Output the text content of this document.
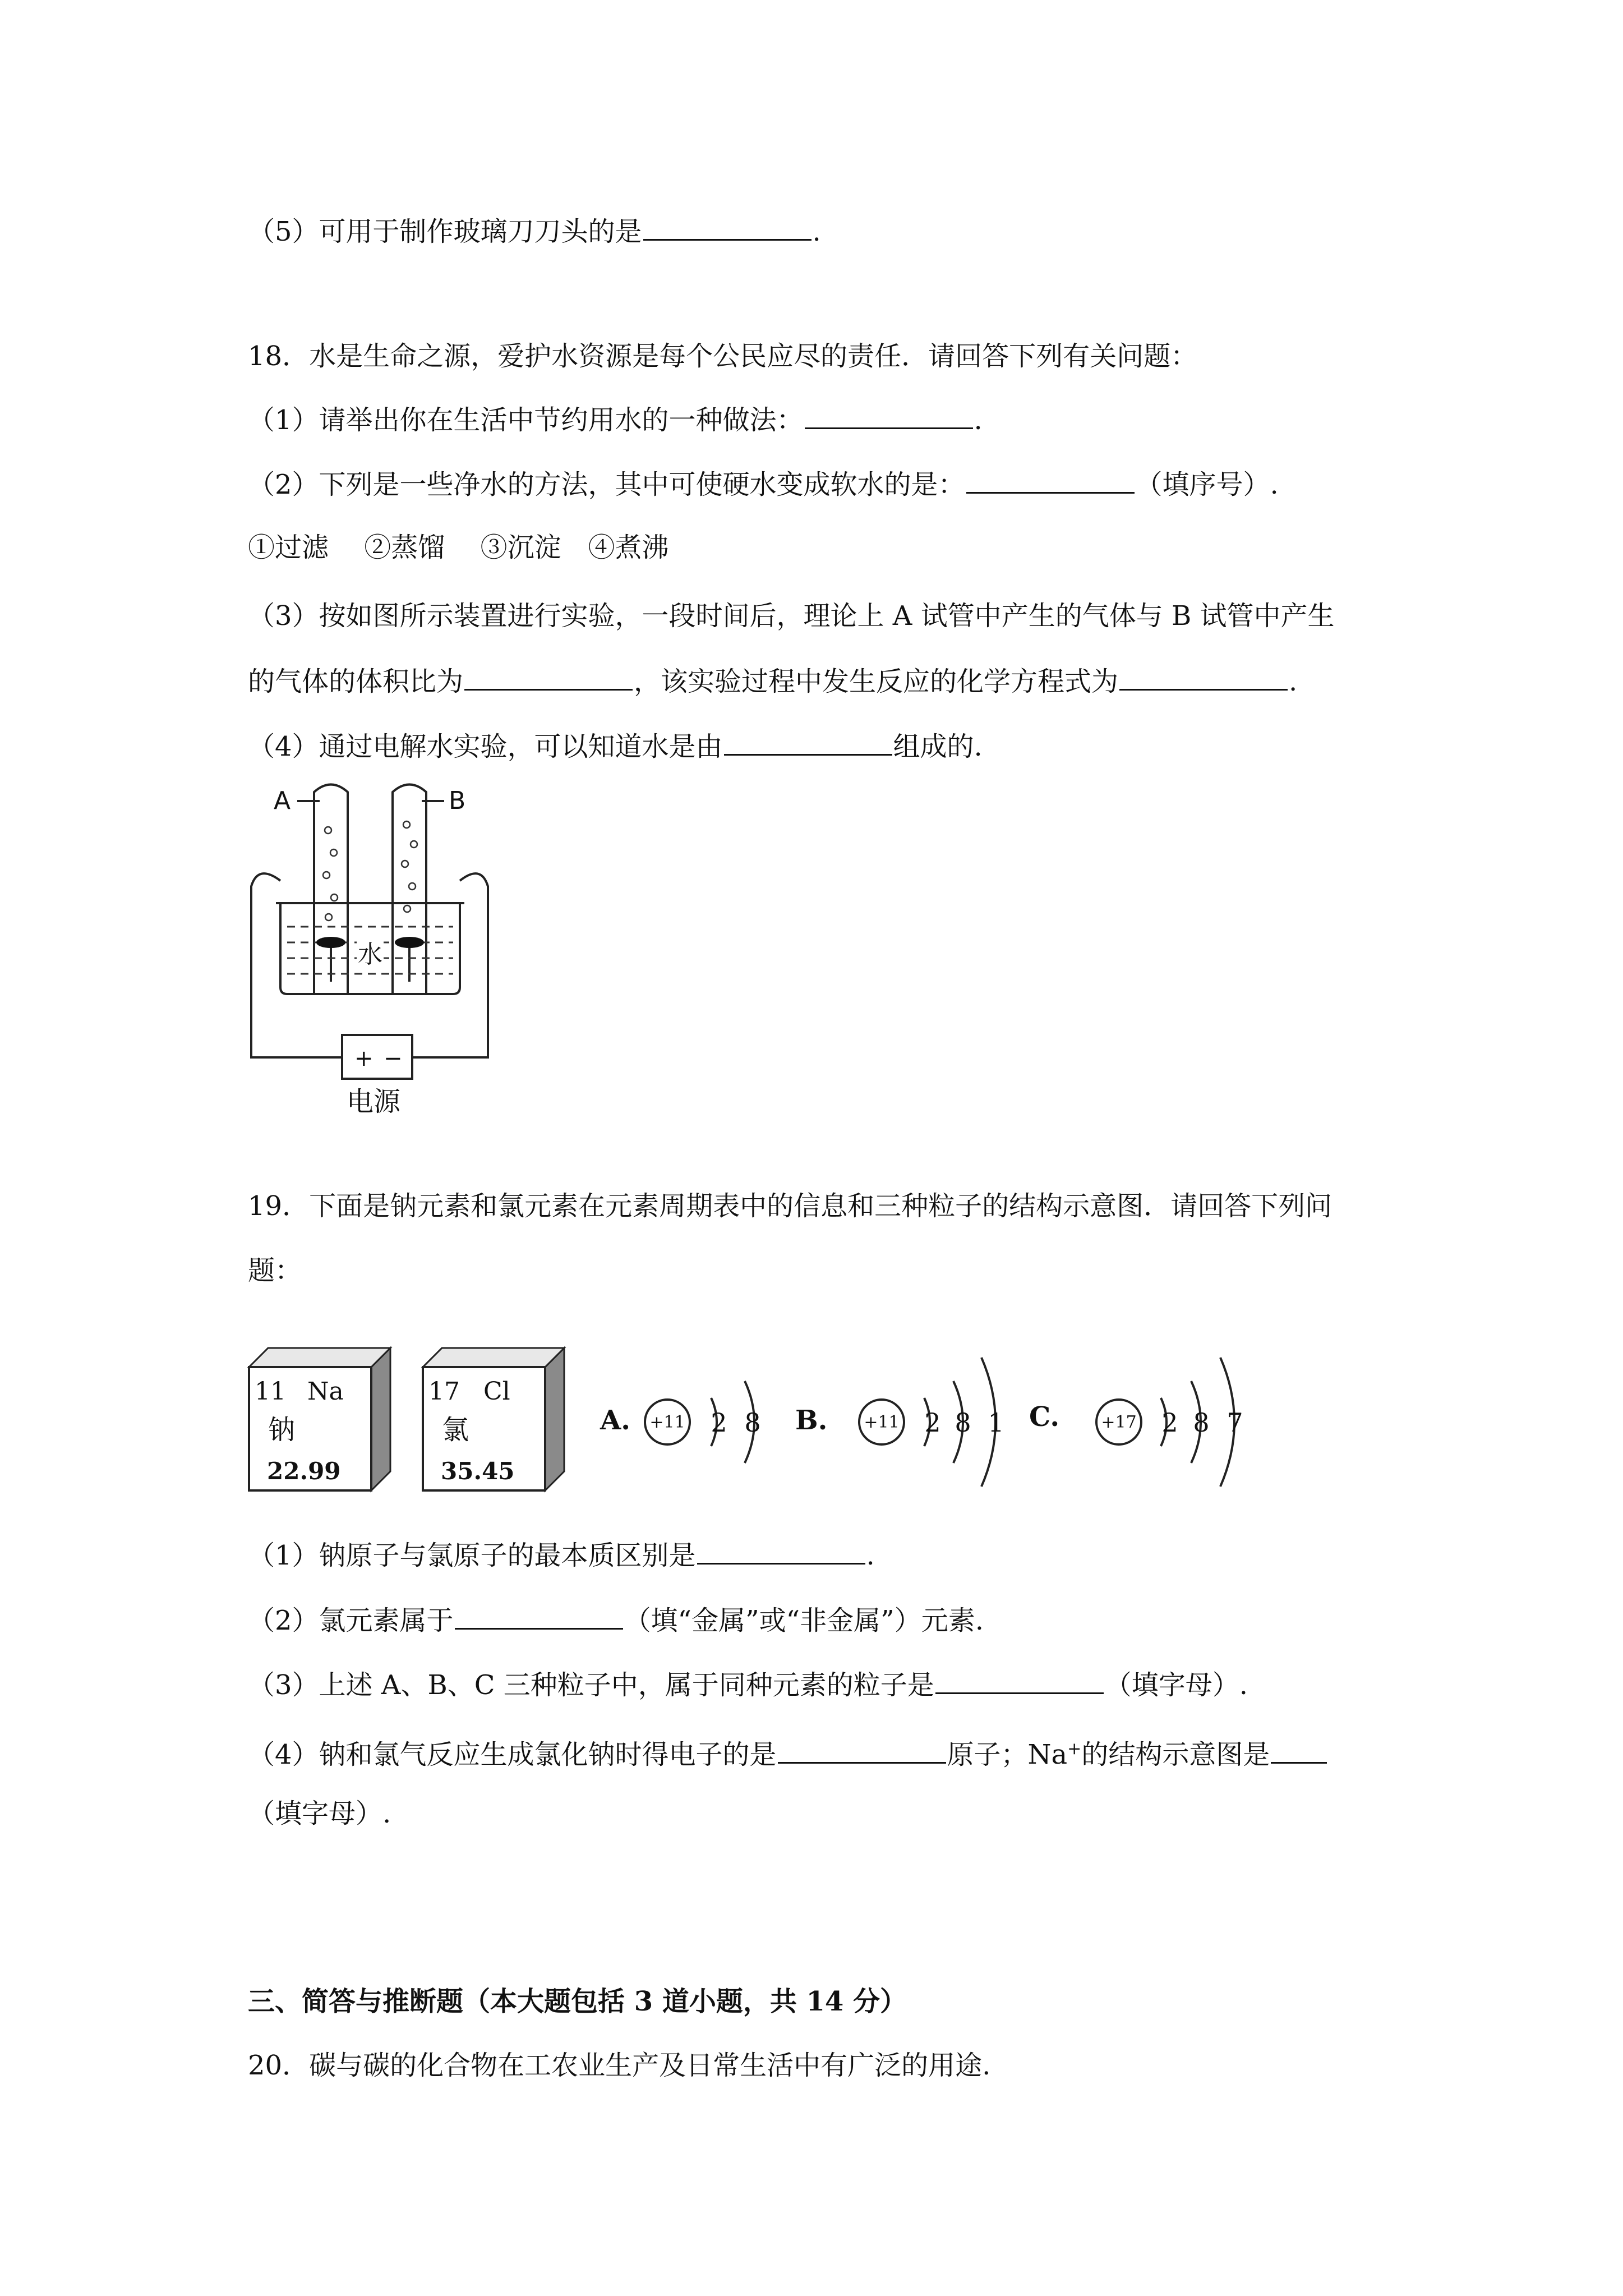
（5）可用于制作玻璃刀刀头的是	.
18．水是生命之源，爱护水资源是每个公民应尽的责任．请回答下列有关问题：
（1）请举出你在生活中节约用水的一种做法：	.
（2）下列是一些净水的方法，其中可使硬水变成软水的是：	（填序号）.
①过滤　 ②蒸馏　 ③沉淀　④煮沸
（3）按如图所示装置进行实验，一段时间后，理论上 A 试管中产生的气体与 B 试管中产生
的气体的体积比为	，该实验过程中发生反应的化学方程式为	.
（4）通过电解水实验，可以知道水是由	组成的.
A	B
水
+ −
电源
19．下面是钠元素和氯元素在元素周期表中的信息和三种粒子的结构示意图．请回答下列问
题：
11 Na
钠
22.99
17 Cl
氯
35.45
A.	B.	C.
+11	+11	+17
2 8	2 8 1	2 8 7
（1）钠原子与氯原子的最本质区别是	.
（2）氯元素属于	（填“金属”或“非金属”）元素.
（3）上述 A、B、C 三种粒子中，属于同种元素的粒子是	（填字母）.
（4）钠和氯气反应生成氯化钠时得电子的是	原子；Na+的结构示意图是
（填字母）.
三、简答与推断题（本大题包括 3 道小题，共 14 分）
20．碳与碳的化合物在工农业生产及日常生活中有广泛的用途.
